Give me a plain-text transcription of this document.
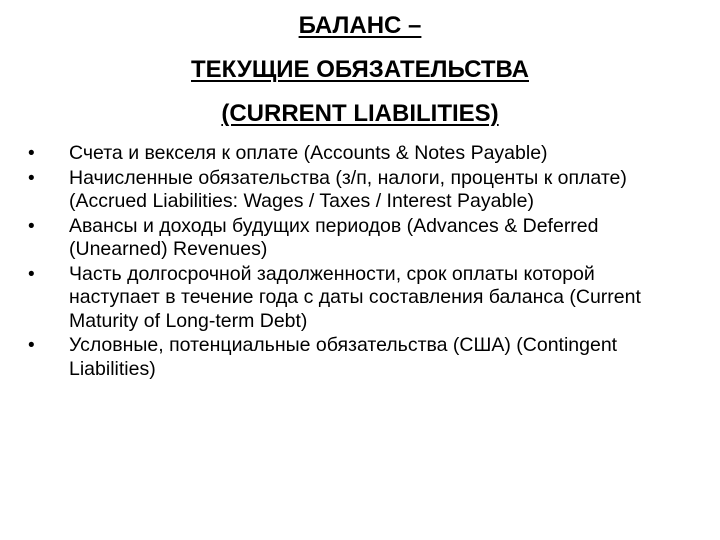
БАЛАНС –
ТЕКУЩИЕ ОБЯЗАТЕЛЬСТВА
(CURRENT LIABILITIES)
•	Счета и векселя к оплате (Accounts & Notes Payable)
•	Начисленные обязательства (з/п, налоги, проценты к оплате) (Accrued Liabilities: Wages / Taxes / Interest Payable)
•	Авансы и доходы будущих периодов (Advances & Deferred (Unearned) Revenues)
•	Часть долгосрочной задолженности, срок оплаты которой наступает в течение года с даты составления баланса (Current Maturity of Long-term Debt)
•	Условные, потенциальные обязательства (США) (Contingent Liabilities)
